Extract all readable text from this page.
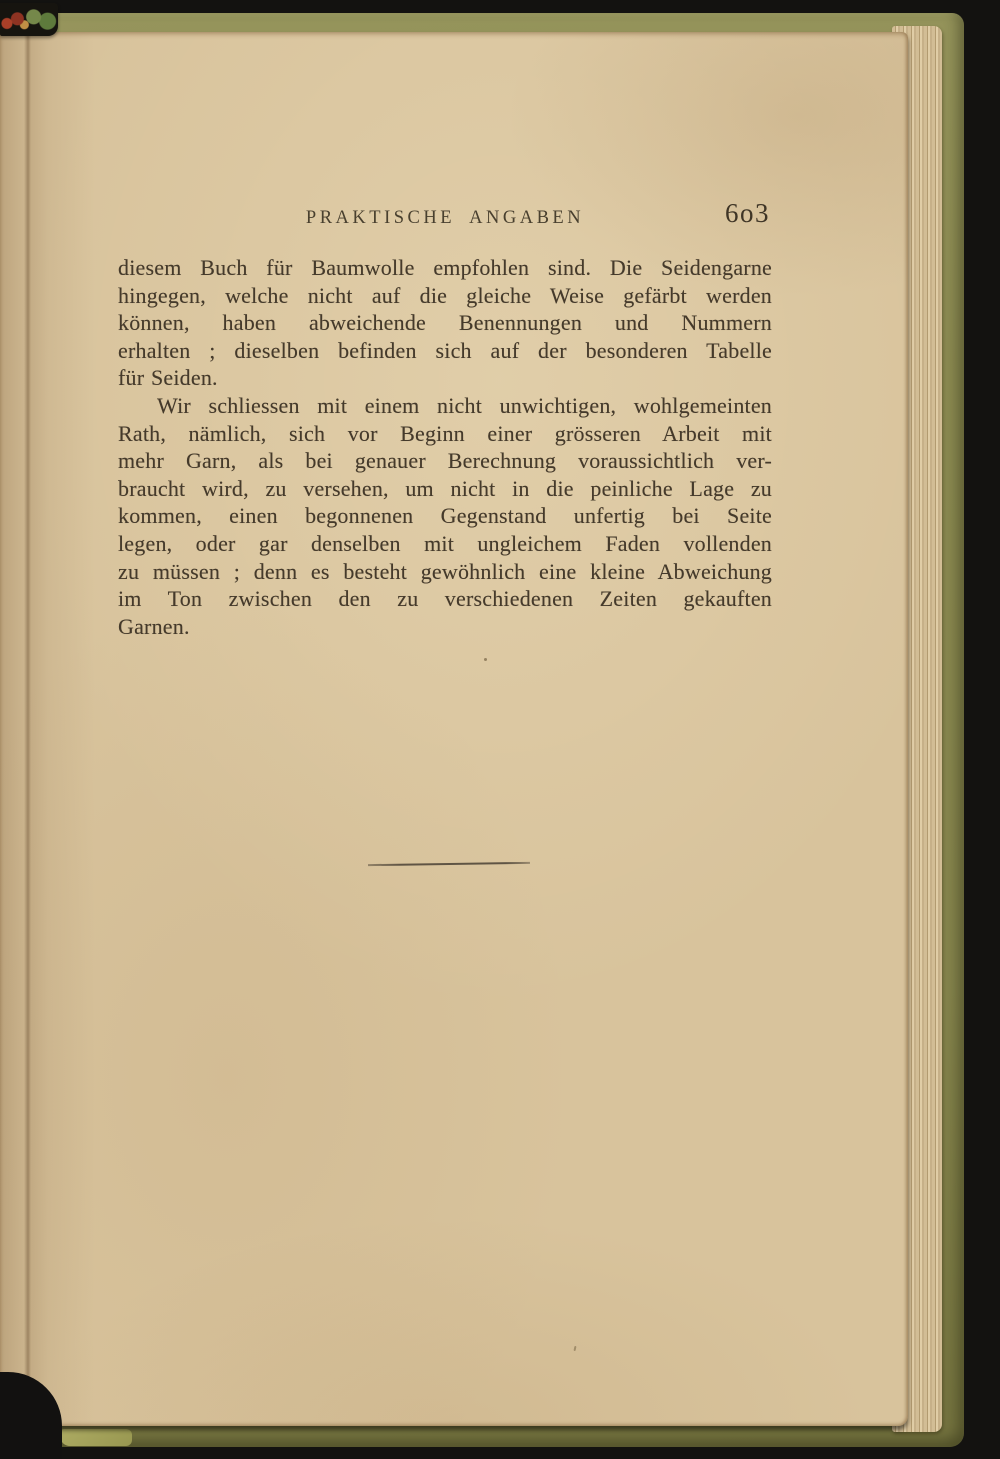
PRAKTISCHE ANGABEN	6o3
diesem Buch für Baumwolle empfohlen sind. Die Seidengarne
hingegen, welche nicht auf die gleiche Weise gefärbt werden
können, haben abweichende Benennungen und Nummern
erhalten ; dieselben befinden sich auf der besonderen Tabelle
für Seiden.
Wir schliessen mit einem nicht unwichtigen, wohlgemeinten
Rath, nämlich, sich vor Beginn einer grösseren Arbeit mit
mehr Garn, als bei genauer Berechnung voraussichtlich ver-
braucht wird, zu versehen, um nicht in die peinliche Lage zu
kommen, einen begonnenen Gegenstand unfertig bei Seite
legen, oder gar denselben mit ungleichem Faden vollenden
zu müssen ; denn es besteht gewöhnlich eine kleine Abweichung
im Ton zwischen den zu verschiedenen Zeiten gekauften
Garnen.
